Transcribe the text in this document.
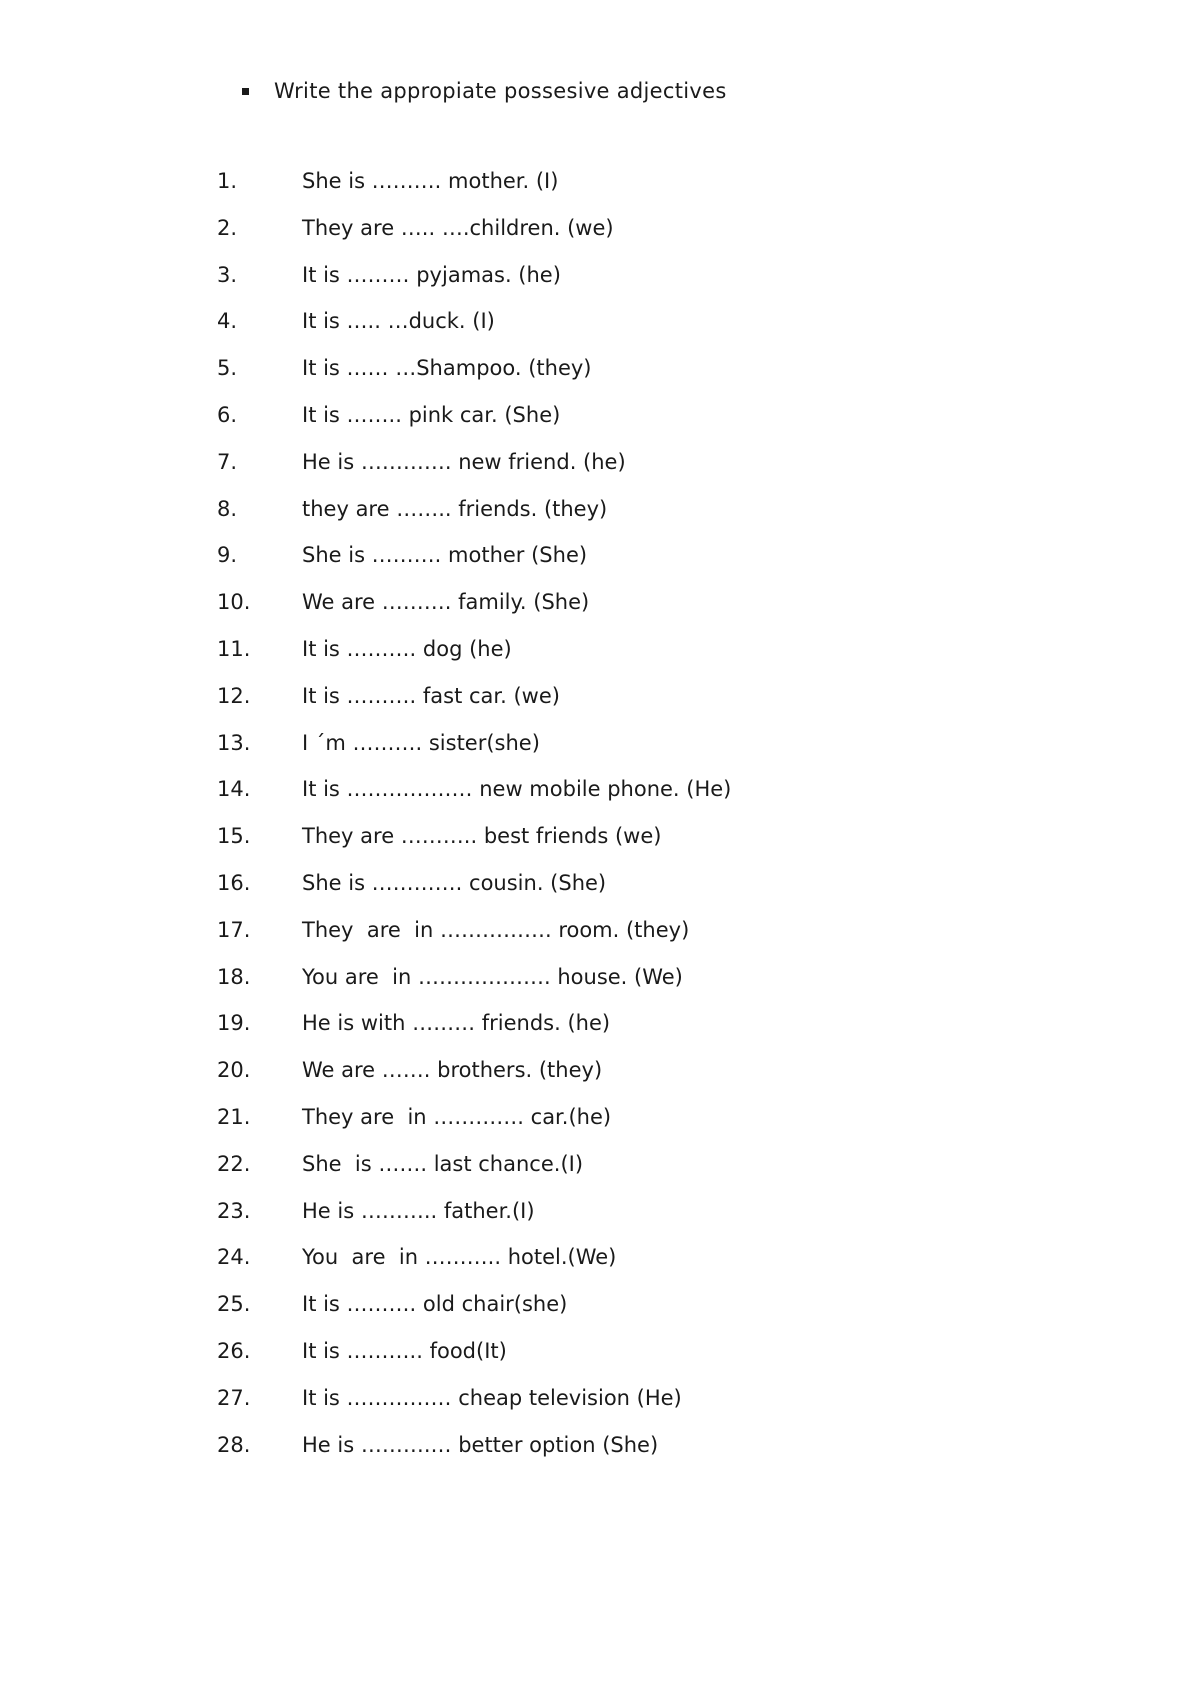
Write the appropiate possesive adjectives
1.	She is ………. mother. (I)
2.	They are ….. ….children. (we)
3.	It is ……… pyjamas. (he)
4.	It is ….. …duck. (I)
5.	It is …… …Shampoo. (they)
6.	It is …….. pink car. (She)
7.	He is …………. new friend. (he)
8.	they are …….. friends. (they)
9.	She is ………. mother (She)
10. We are ………. family. (She)
11. It is ………. dog (he)
12. It is ………. fast car. (we)
13. I ´m ………. sister(she)
14. It is ……………… new mobile phone. (He)
15. They are ……….. best friends (we)
16. She is …………. cousin. (She)
17. They  are  in ……………. room. (they)
18. You are  in ………………. house. (We)
19. He is with ……… friends. (he)
20. We are ……. brothers. (they)
21. They are  in …………. car.(he)
22. She  is ……. last chance.(I)
23. He is ……….. father.(I)
24. You  are  in ……….. hotel.(We)
25. It is ………. old chair(she)
26. It is ……….. food(It)
27. It is …………… cheap television (He)
28. He is ……….… better option (She)
